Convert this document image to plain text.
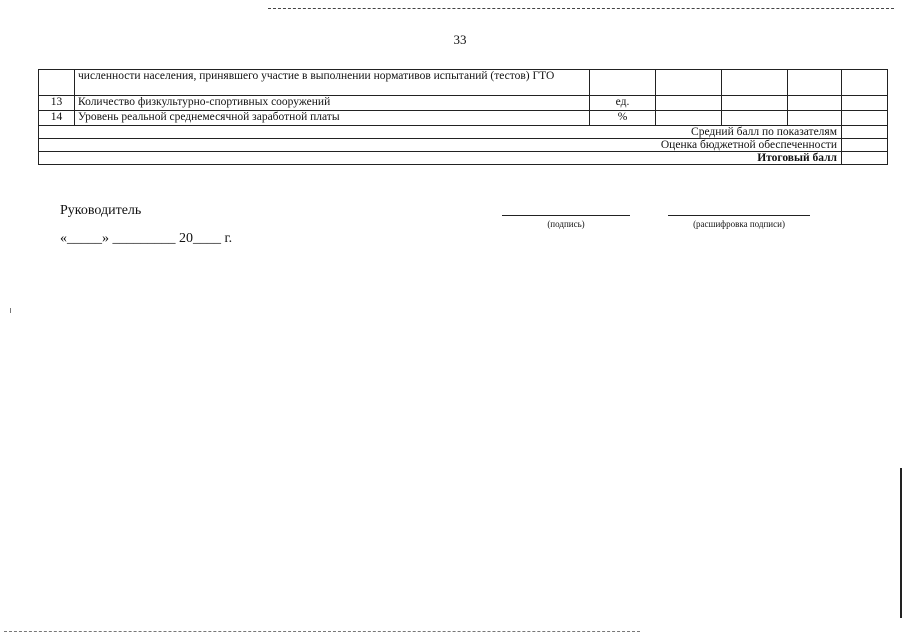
33
	численности населения, принявшего участие в выполнении нормативов испытаний (тестов) ГТО					
13	Количество физкультурно-спортивных сооружений	ед.				
14	Уровень реальной среднемесячной заработной платы	%				
Средний балл по показателям						
Оценка бюджетной обеспеченности						
Итоговый балл						
Руководитель
(подпись)	(расшифровка подписи)
«_____» _________ 20____ г.
